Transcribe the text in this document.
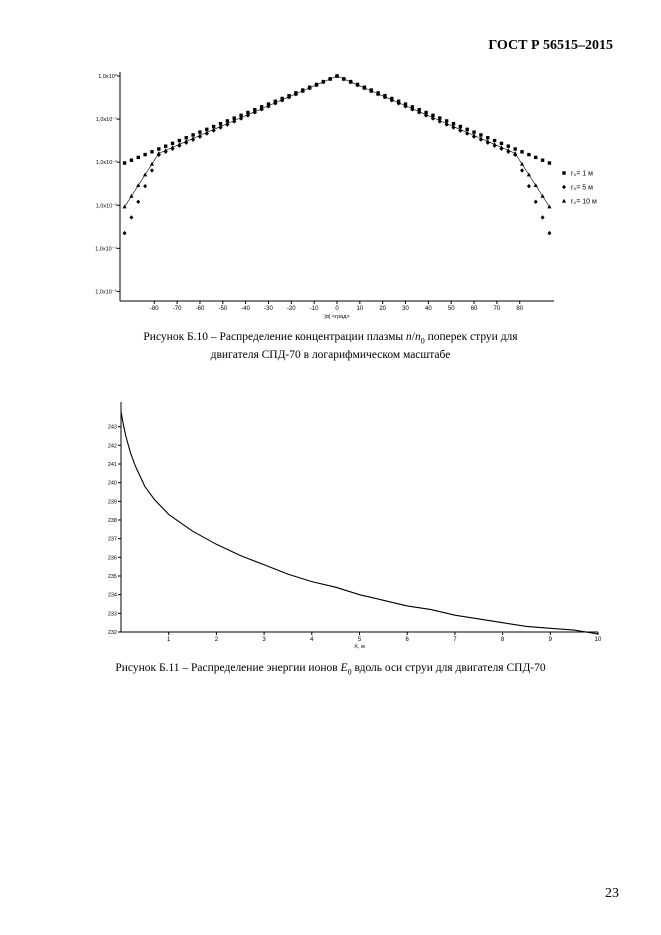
ГОСТ Р 56515–2015
1,0x10⁰
1,0x10⁻¹
1,0x10⁻²
1,0x10⁻³
1,0x10⁻⁴
1,0x10⁻⁵
-80 -70 -60 -50 -40 -30 -20 -10	0	10	20	30	40	50	60	70	80
|α| <град>
r₀= 1 м
r₀= 5 м
r₀= 10 м
Рисунок Б.10 – Распределение концентрации плазмы $n/n_0$ поперек струи для
двигателя СПД-70 в логарифмическом масштабе
232
233
234
235
236
237
238
239
240
241
242
243
1	2	3	4	5	6	7	8	9	10
X, м
Рисунок Б.11 – Распределение энергии ионов $E_0$ вдоль оси струи для двигателя СПД-70
23
